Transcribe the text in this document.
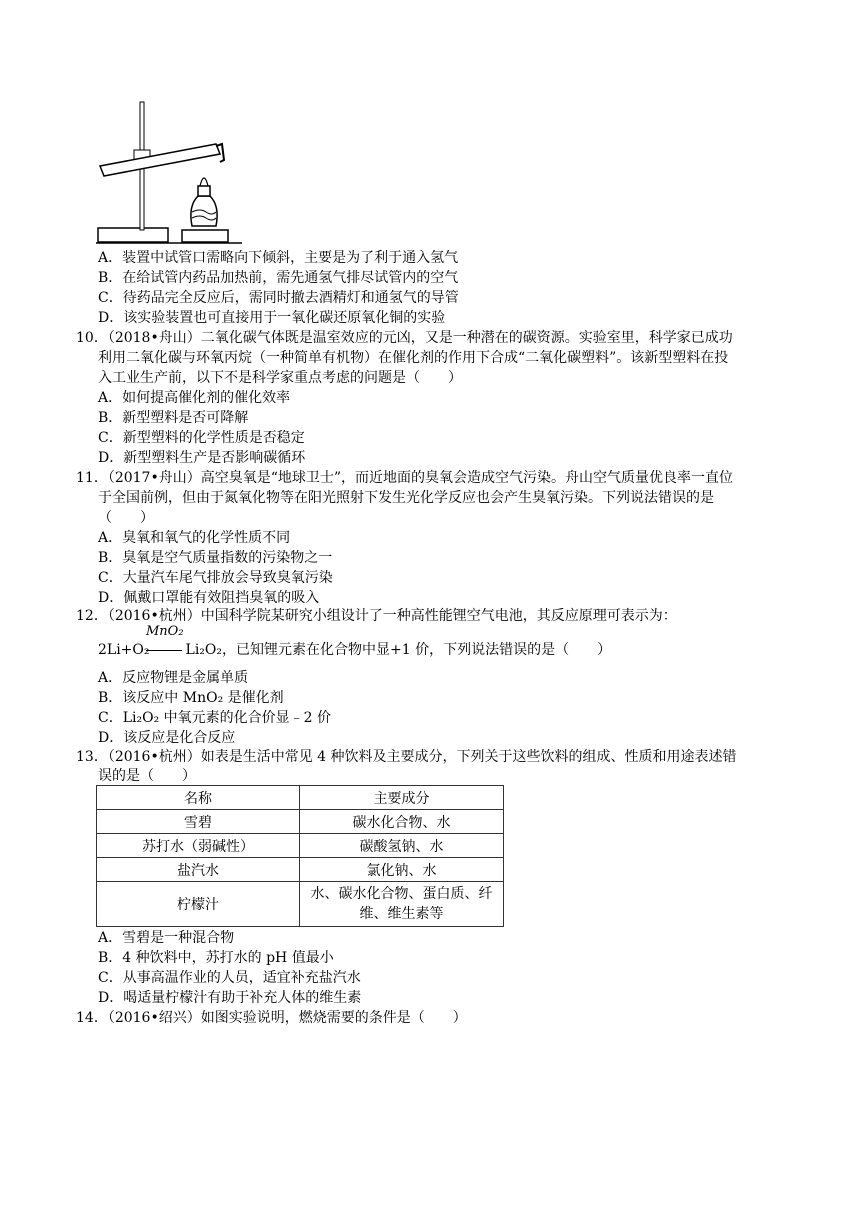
A．装置中试管口需略向下倾斜，主要是为了利于通入氢气
B．在给试管内药品加热前，需先通氢气排尽试管内的空气
C．待药品完全反应后，需同时撤去酒精灯和通氢气的导管
D．该实验装置也可直接用于一氧化碳还原氧化铜的实验
10．（2018•舟山）二氧化碳气体既是温室效应的元凶，又是一种潜在的碳资源。实验室里，科学家已成功
利用二氧化碳与环氧丙烷（一种简单有机物）在催化剂的作用下合成“二氧化碳塑料”。该新型塑料在投
入工业生产前，以下不是科学家重点考虑的问题是（　　）
A．如何提高催化剂的催化效率
B．新型塑料是否可降解
C．新型塑料的化学性质是否稳定
D．新型塑料生产是否影响碳循环
11．（2017•舟山）高空臭氧是“地球卫士”，而近地面的臭氧会造成空气污染。舟山空气质量优良率一直位
于全国前例，但由于氮氧化物等在阳光照射下发生光化学反应也会产生臭氧污染。下列说法错误的是
（　　）
A．臭氧和氧气的化学性质不同
B．臭氧是空气质量指数的污染物之一
C．大量汽车尾气排放会导致臭氧污染
D．佩戴口罩能有效阻挡臭氧的吸入
12．（2016•杭州）中国科学院某研究小组设计了一种高性能锂空气电池，其反应原理可表示为：
MnO₂
2Li+O₂	Li₂O₂，已知锂元素在化合物中显+1 价，下列说法错误的是（　　）
A．反应物锂是金属单质
B．该反应中 MnO₂ 是催化剂
C．Li₂O₂ 中氧元素的化合价显﹣2 价
D．该反应是化合反应
13．（2016•杭州）如表是生活中常见 4 种饮料及主要成分，下列关于这些饮料的组成、性质和用途表述错
误的是（　　）
名称	主要成分
雪碧	碳水化合物、水
苏打水（弱碱性）	碳酸氢钠、水
盐汽水	氯化钠、水
柠檬汁	水、碳水化合物、蛋白质、纤维、维生素等
A．雪碧是一种混合物
B．4 种饮料中，苏打水的 pH 值最小
C．从事高温作业的人员，适宜补充盐汽水
D．喝适量柠檬汁有助于补充人体的维生素
14．（2016•绍兴）如图实验说明，燃烧需要的条件是（　　）
